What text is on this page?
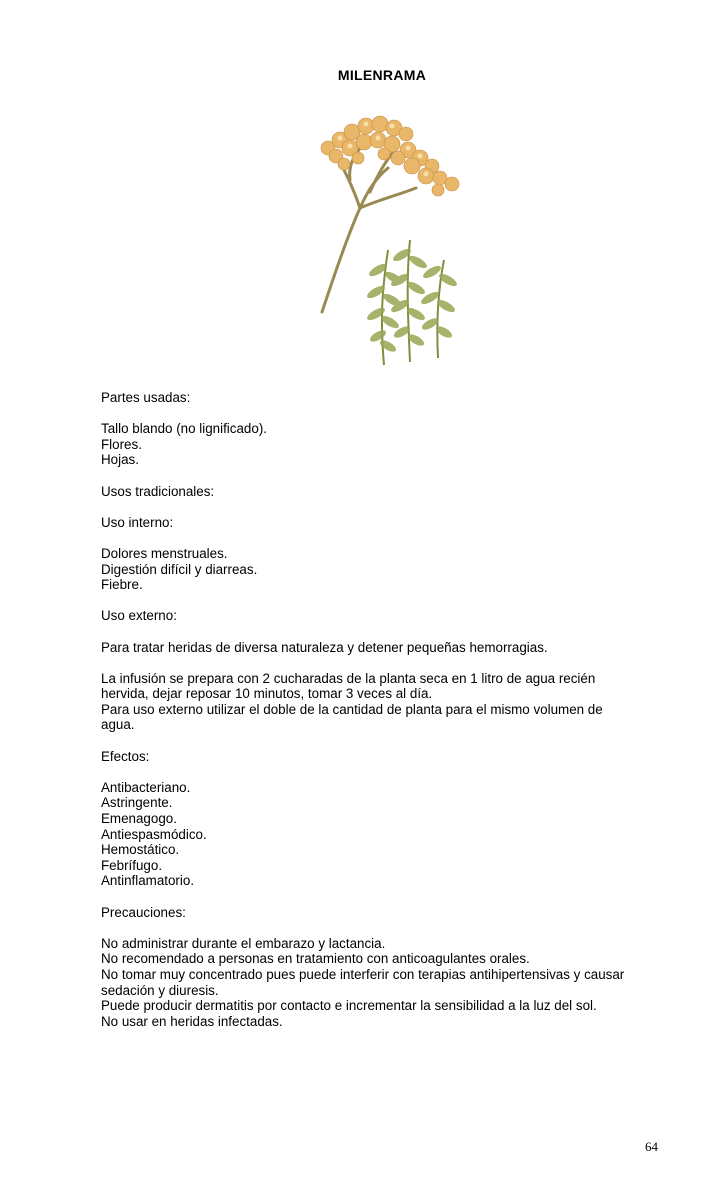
MILENRAMA

Partes usadas:

Tallo blando (no lignificado).
Flores.
Hojas.

Usos tradicionales:

Uso interno:

Dolores menstruales.
Digestión difícil y diarreas.
Fiebre.

Uso externo:

Para tratar heridas de diversa naturaleza y detener pequeñas hemorragias.

La infusión se prepara con 2 cucharadas de la planta seca en 1 litro de agua recién
hervida, dejar reposar 10 minutos, tomar 3 veces al día.
Para uso externo utilizar el doble de la cantidad de planta para el mismo volumen de
agua.

Efectos:

Antibacteriano.
Astringente.
Emenagogo.
Antiespasmódico.
Hemostático.
Febrífugo.
Antinflamatorio.

Precauciones:

No administrar durante el embarazo y lactancia.
No recomendado a personas en tratamiento con anticoagulantes orales.
No tomar muy concentrado pues puede interferir con terapias antihipertensivas y causar
sedación y diuresis.
Puede producir dermatitis por contacto e incrementar la sensibilidad a la luz del sol.
No usar en heridas infectadas.

64
